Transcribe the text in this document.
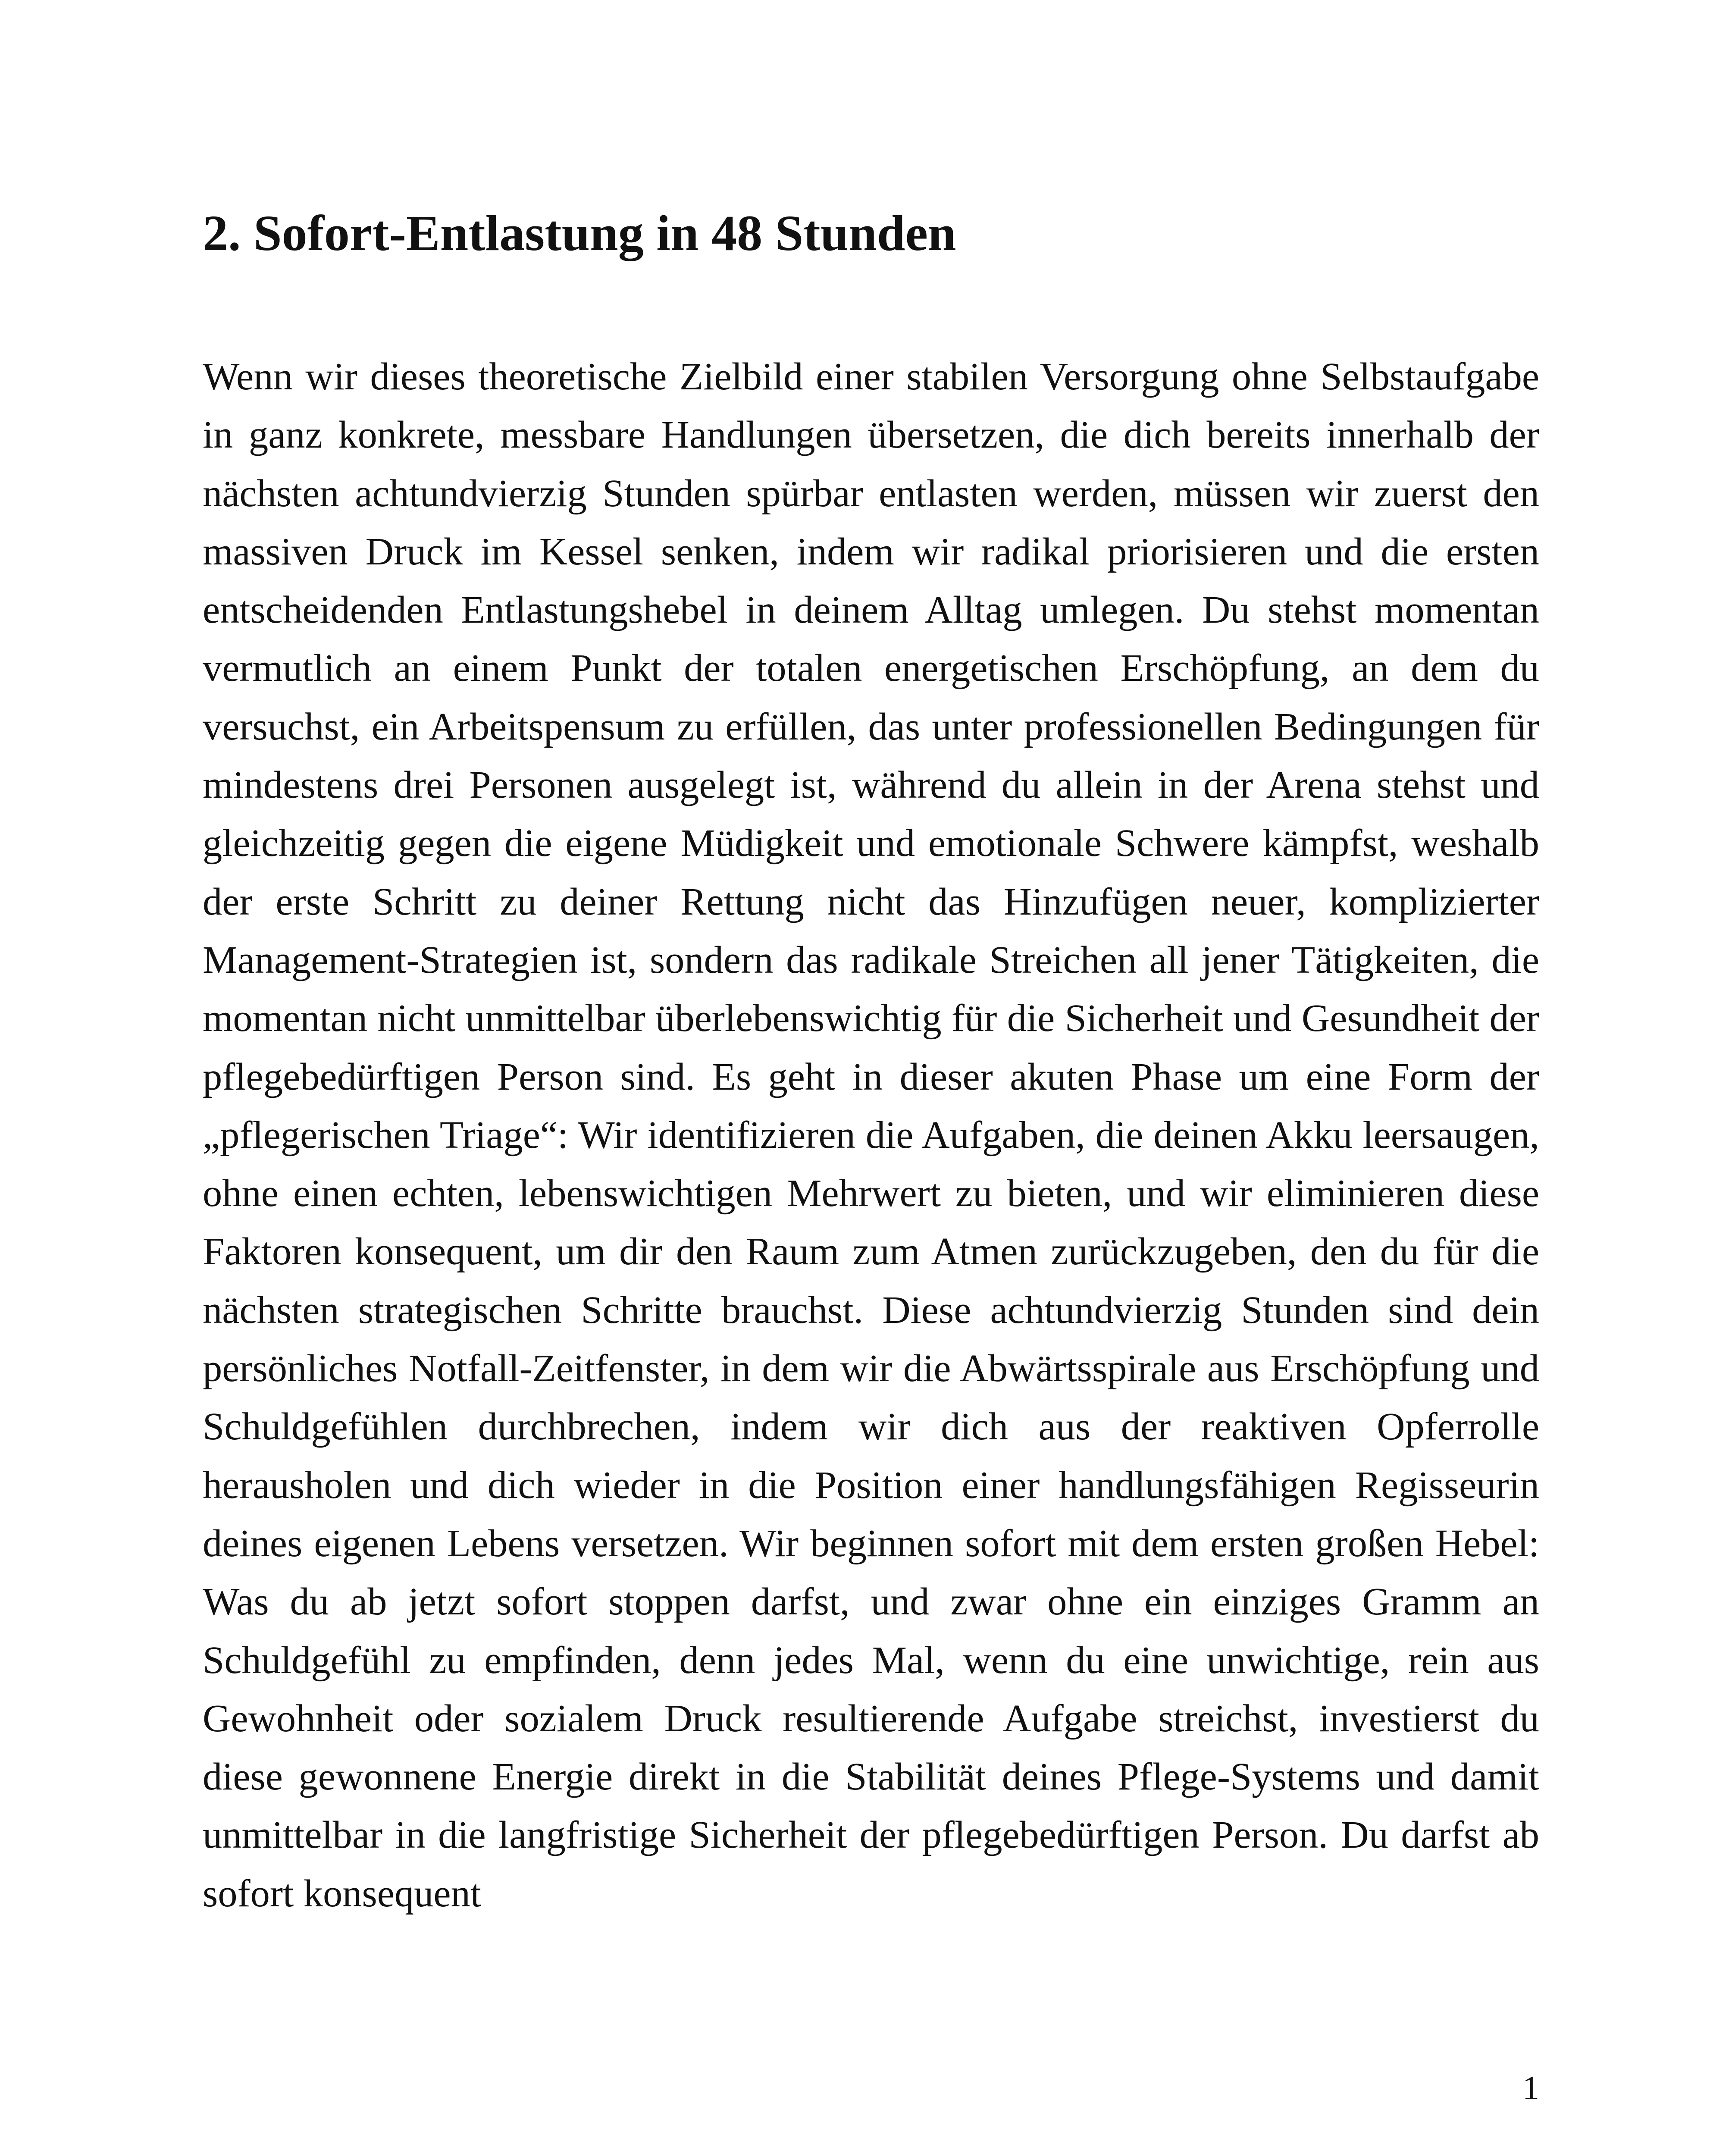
2. Sofort-Entlastung in 48 Stunden

Wenn wir dieses theoretische Zielbild einer stabilen Versorgung ohne Selbstaufgabe in ganz konkrete, messbare Handlungen übersetzen, die dich bereits innerhalb der nächsten achtundvierzig Stunden spürbar entlasten werden, müssen wir zuerst den massiven Druck im Kessel senken, indem wir radikal priorisieren und die ersten entscheidenden Entlastungshebel in deinem Alltag umlegen. Du stehst momentan vermutlich an einem Punkt der totalen energetischen Erschöpfung, an dem du versuchst, ein Arbeitspensum zu erfüllen, das unter professionellen Bedingungen für mindestens drei Personen ausgelegt ist, während du allein in der Arena stehst und gleichzeitig gegen die eigene Müdigkeit und emotionale Schwere kämpfst, weshalb der erste Schritt zu deiner Rettung nicht das Hinzufügen neuer, komplizierter Management-Strategien ist, sondern das radikale Streichen all jener Tätigkeiten, die momentan nicht unmittelbar überlebenswichtig für die Sicherheit und Gesundheit der pflegebedürftigen Person sind. Es geht in dieser akuten Phase um eine Form der „pflegerischen Triage“: Wir identifizieren die Aufgaben, die deinen Akku leersaugen, ohne einen echten, lebenswichtigen Mehrwert zu bieten, und wir eliminieren diese Faktoren konsequent, um dir den Raum zum Atmen zurückzugeben, den du für die nächsten strategischen Schritte brauchst. Diese achtundvierzig Stunden sind dein persönliches Notfall-Zeitfenster, in dem wir die Abwärtsspirale aus Erschöpfung und Schuldgefühlen durchbrechen, indem wir dich aus der reaktiven Opferrolle herausholen und dich wieder in die Position einer handlungsfähigen Regisseurin deines eigenen Lebens versetzen. Wir beginnen sofort mit dem ersten großen Hebel: Was du ab jetzt sofort stoppen darfst, und zwar ohne ein einziges Gramm an Schuldgefühl zu empfinden, denn jedes Mal, wenn du eine unwichtige, rein aus Gewohnheit oder sozialem Druck resultierende Aufgabe streichst, investierst du diese gewonnene Energie direkt in die Stabilität deines Pflege-Systems und damit unmittelbar in die langfristige Sicherheit der pflegebedürftigen Person. Du darfst ab sofort konsequent

1
